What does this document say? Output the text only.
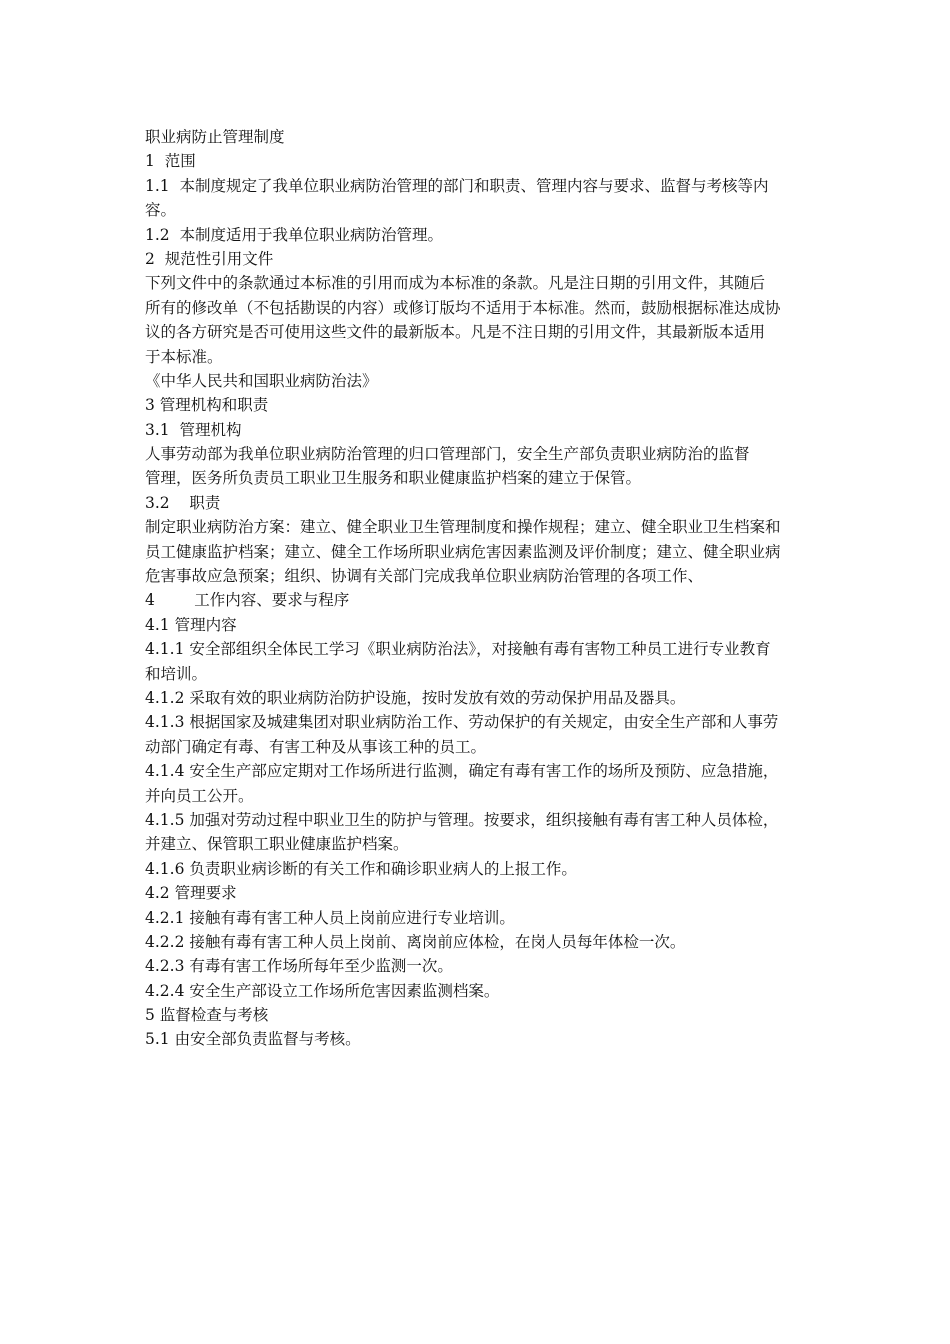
职业病防止管理制度

1  范围

1.1  本制度规定了我单位职业病防治管理的部门和职责、管理内容与要求、监督与考核等内

容。

1.2  本制度适用于我单位职业病防治管理。

2  规范性引用文件

下列文件中的条款通过本标准的引用而成为本标准的条款。凡是注日期的引用文件，其随后

所有的修改单（不包括勘误的内容）或修订版均不适用于本标准。然而，鼓励根据标准达成协

议的各方研究是否可使用这些文件的最新版本。凡是不注日期的引用文件，其最新版本适用

于本标准。

《中华人民共和国职业病防治法》

3 管理机构和职责

3.1  管理机构

人事劳动部为我单位职业病防治管理的归口管理部门，安全生产部负责职业病防治的监督

管理，医务所负责员工职业卫生服务和职业健康监护档案的建立于保管。

3.2    职责

制定职业病防治方案：建立、健全职业卫生管理制度和操作规程；建立、健全职业卫生档案和

员工健康监护档案；建立、健全工作场所职业病危害因素监测及评价制度；建立、健全职业病

危害事故应急预案；组织、协调有关部门完成我单位职业病防治管理的各项工作、

4        工作内容、要求与程序

4.1 管理内容

4.1.1 安全部组织全体民工学习《职业病防治法》，对接触有毒有害物工种员工进行专业教育

和培训。

4.1.2 采取有效的职业病防治防护设施，按时发放有效的劳动保护用品及器具。

4.1.3 根据国家及城建集团对职业病防治工作、劳动保护的有关规定，由安全生产部和人事劳

动部门确定有毒、有害工种及从事该工种的员工。

4.1.4 安全生产部应定期对工作场所进行监测，确定有毒有害工作的场所及预防、应急措施，

并向员工公开。

4.1.5 加强对劳动过程中职业卫生的防护与管理。按要求，组织接触有毒有害工种人员体检，

并建立、保管职工职业健康监护档案。

4.1.6 负责职业病诊断的有关工作和确诊职业病人的上报工作。

4.2 管理要求

4.2.1 接触有毒有害工种人员上岗前应进行专业培训。

4.2.2 接触有毒有害工种人员上岗前、离岗前应体检，在岗人员每年体检一次。

4.2.3 有毒有害工作场所每年至少监测一次。

4.2.4 安全生产部设立工作场所危害因素监测档案。

5 监督检查与考核

5.1 由安全部负责监督与考核。
